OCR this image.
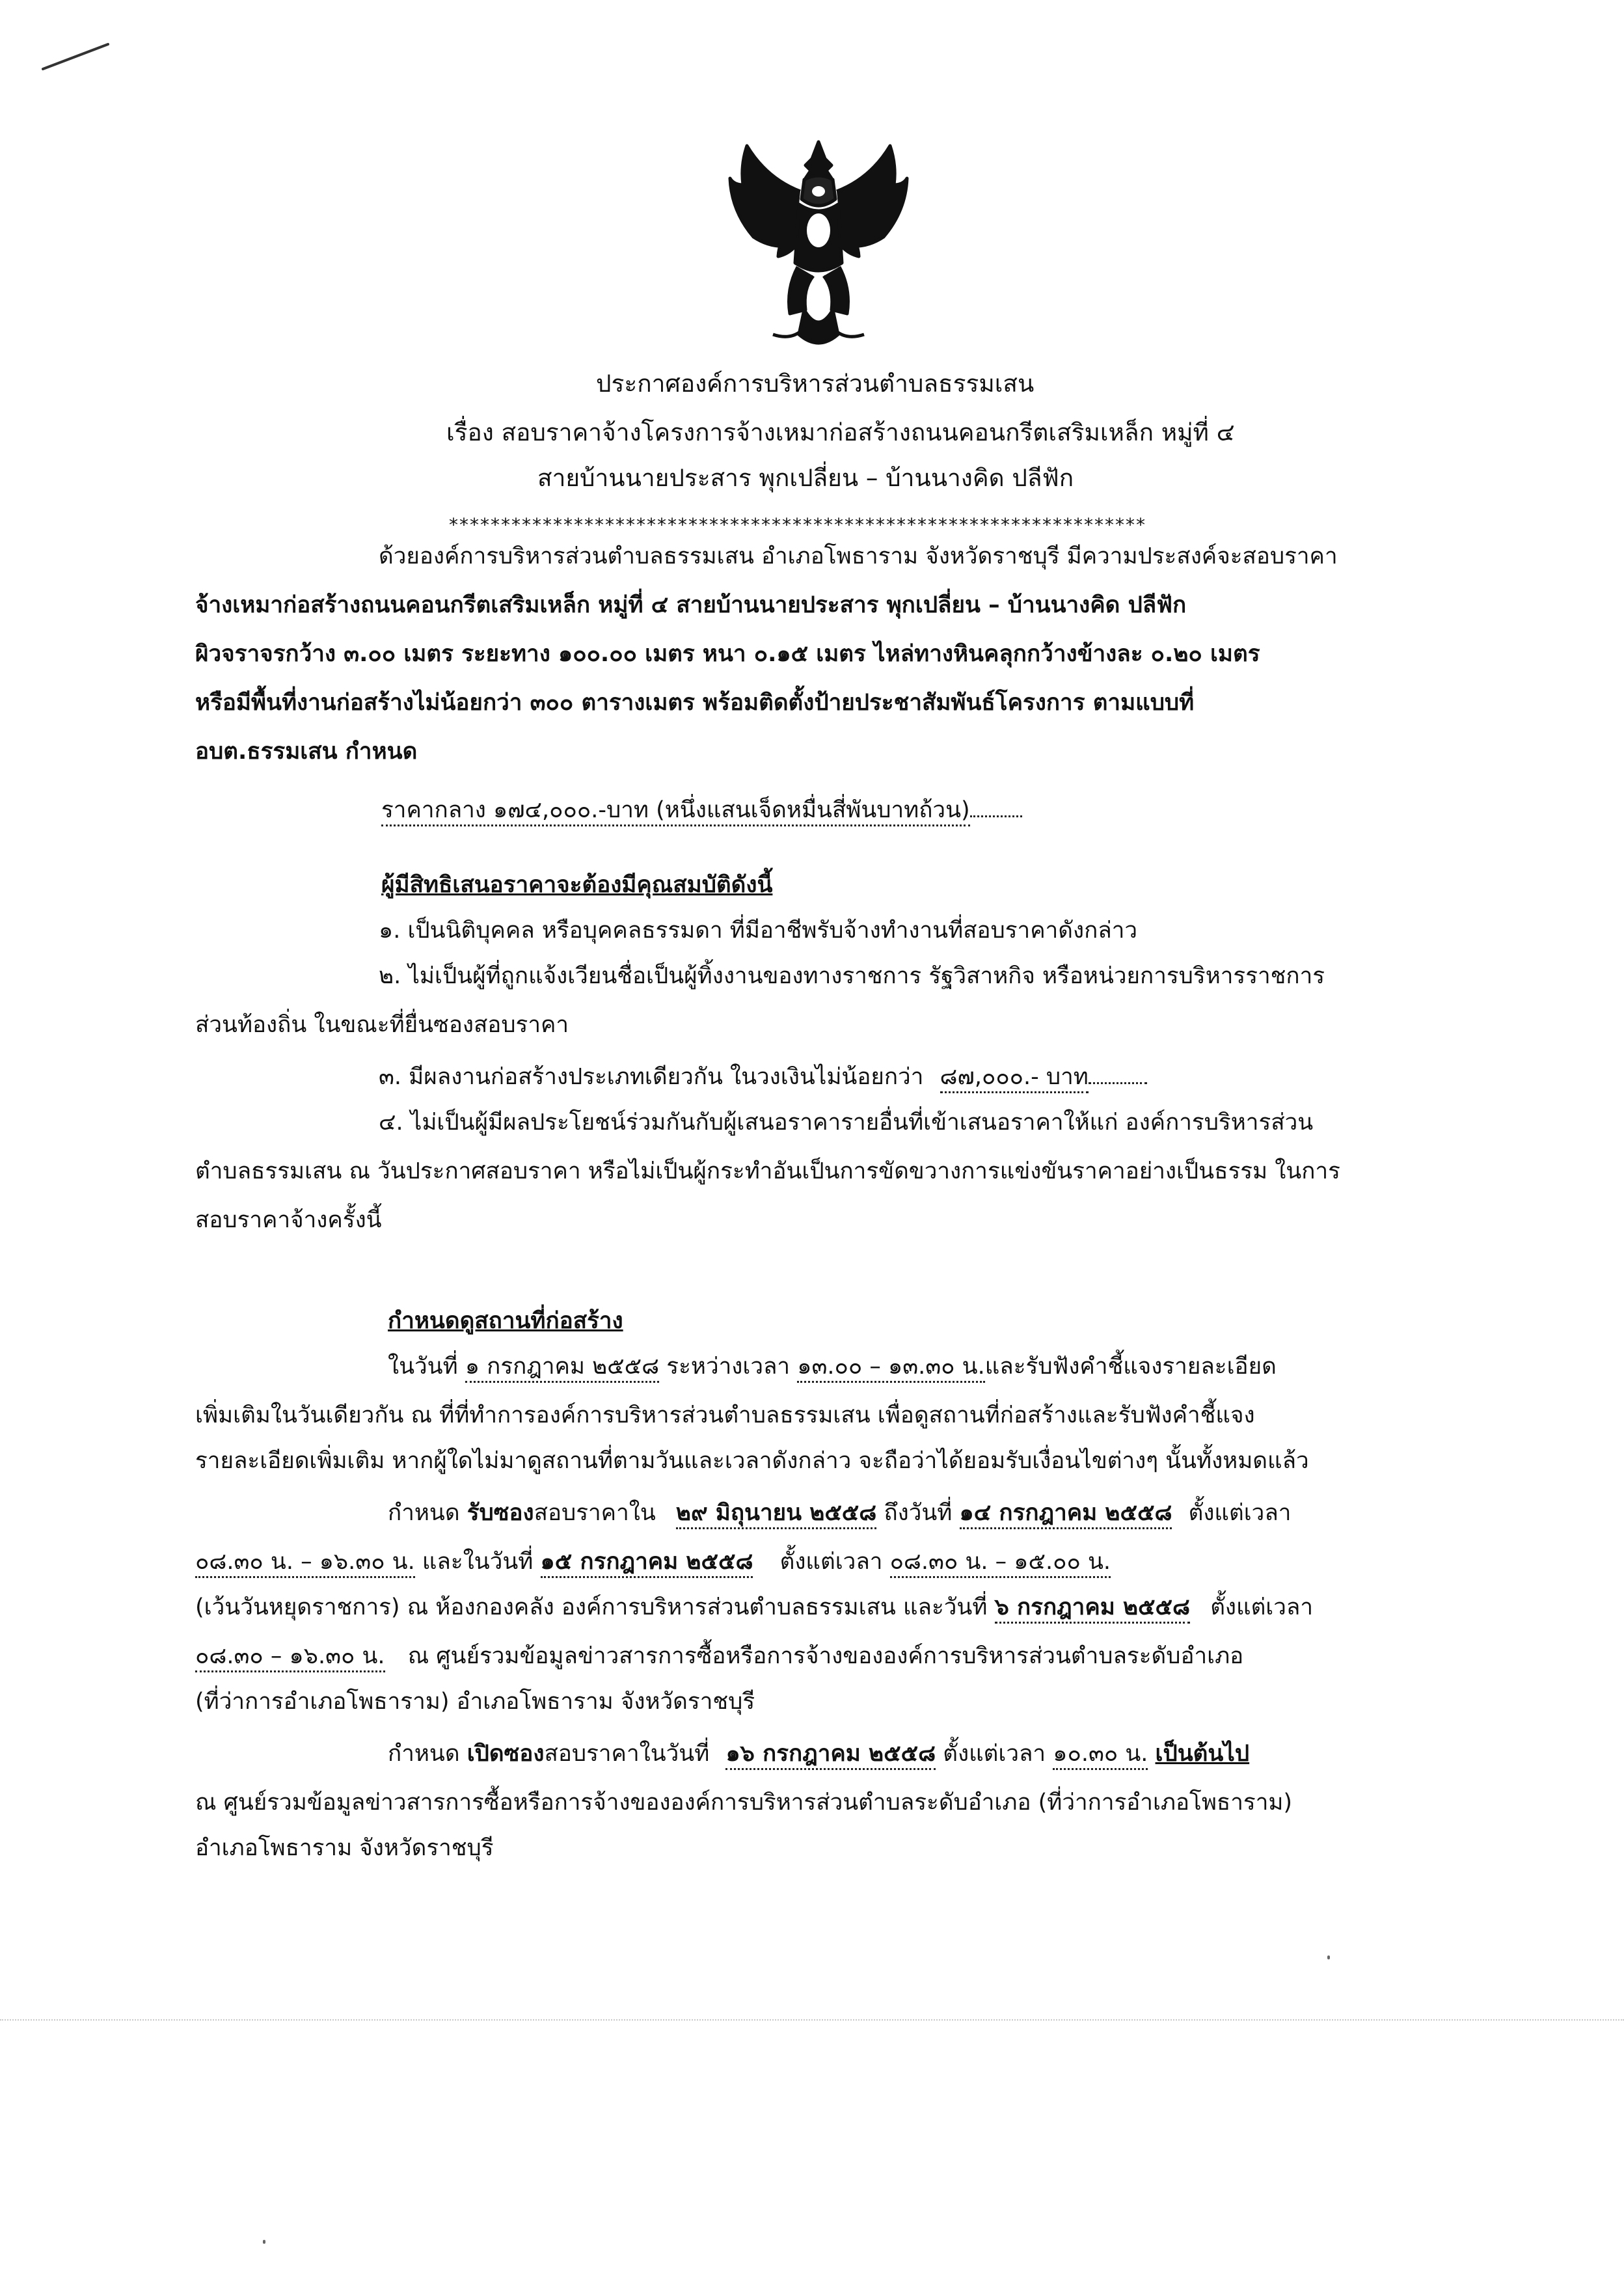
ประกาศองค์การบริหารส่วนตำบลธรรมเสน
เรื่อง สอบราคาจ้างโครงการจ้างเหมาก่อสร้างถนนคอนกรีตเสริมเหล็ก หมู่ที่ ๔
สายบ้านนายประสาร พุกเปลี่ยน – บ้านนางคิด ปลีฟัก
*******************************************************************
ด้วยองค์การบริหารส่วนตำบลธรรมเสน อำเภอโพธาราม จังหวัดราชบุรี มีความประสงค์จะสอบราคา
จ้างเหมาก่อสร้างถนนคอนกรีตเสริมเหล็ก หมู่ที่ ๔ สายบ้านนายประสาร พุกเปลี่ยน – บ้านนางคิด ปลีฟัก
ผิวจราจรกว้าง ๓.๐๐ เมตร ระยะทาง ๑๐๐.๐๐ เมตร หนา ๐.๑๕ เมตร ไหล่ทางหินคลุกกว้างข้างละ ๐.๒๐ เมตร
หรือมีพื้นที่งานก่อสร้างไม่น้อยกว่า ๓๐๐ ตารางเมตร พร้อมติดตั้งป้ายประชาสัมพันธ์โครงการ ตามแบบที่
อบต.ธรรมเสน กำหนด
ราคากลาง ๑๗๔,๐๐๐.-บาท (หนึ่งแสนเจ็ดหมื่นสี่พันบาทถ้วน)
ผู้มีสิทธิเสนอราคาจะต้องมีคุณสมบัติดังนี้
๑. เป็นนิติบุคคล หรือบุคคลธรรมดา ที่มีอาชีพรับจ้างทำงานที่สอบราคาดังกล่าว
๒. ไม่เป็นผู้ที่ถูกแจ้งเวียนชื่อเป็นผู้ทิ้งงานของทางราชการ รัฐวิสาหกิจ หรือหน่วยการบริหารราชการ
ส่วนท้องถิ่น ในขณะที่ยื่นซองสอบราคา
๓. มีผลงานก่อสร้างประเภทเดียวกัน ในวงเงินไม่น้อยกว่า ๘๗,๐๐๐.- บาท
๔. ไม่เป็นผู้มีผลประโยชน์ร่วมกันกับผู้เสนอราคารายอื่นที่เข้าเสนอราคาให้แก่ องค์การบริหารส่วน
ตำบลธรรมเสน ณ วันประกาศสอบราคา หรือไม่เป็นผู้กระทำอันเป็นการขัดขวางการแข่งขันราคาอย่างเป็นธรรม ในการ
สอบราคาจ้างครั้งนี้
กำหนดดูสถานที่ก่อสร้าง
ในวันที่ ๑ กรกฎาคม ๒๕๕๘ ระหว่างเวลา ๑๓.๐๐ – ๑๓.๓๐ น.และรับฟังคำชี้แจงรายละเอียด
เพิ่มเติมในวันเดียวกัน ณ ที่ที่ทำการองค์การบริหารส่วนตำบลธรรมเสน เพื่อดูสถานที่ก่อสร้างและรับฟังคำชี้แจง
รายละเอียดเพิ่มเติม หากผู้ใดไม่มาดูสถานที่ตามวันและเวลาดังกล่าว จะถือว่าได้ยอมรับเงื่อนไขต่างๆ นั้นทั้งหมดแล้ว
กำหนด รับซองสอบราคาใน ๒๙ มิถุนายน ๒๕๕๘ ถึงวันที่ ๑๔ กรกฎาคม ๒๕๕๘ ตั้งแต่เวลา
๐๘.๓๐ น. – ๑๖.๓๐ น. และในวันที่ ๑๕ กรกฎาคม ๒๕๕๘ ตั้งแต่เวลา ๐๘.๓๐ น. – ๑๕.๐๐ น.
(เว้นวันหยุดราชการ) ณ ห้องกองคลัง องค์การบริหารส่วนตำบลธรรมเสน และวันที่ ๖ กรกฎาคม ๒๕๕๘ ตั้งแต่เวลา
๐๘.๓๐ – ๑๖.๓๐ น. ณ ศูนย์รวมข้อมูลข่าวสารการซื้อหรือการจ้างขององค์การบริหารส่วนตำบลระดับอำเภอ
(ที่ว่าการอำเภอโพธาราม) อำเภอโพธาราม จังหวัดราชบุรี
กำหนด เปิดซองสอบราคาในวันที่ ๑๖ กรกฎาคม ๒๕๕๘ ตั้งแต่เวลา ๑๐.๓๐ น. เป็นต้นไป
ณ ศูนย์รวมข้อมูลข่าวสารการซื้อหรือการจ้างขององค์การบริหารส่วนตำบลระดับอำเภอ (ที่ว่าการอำเภอโพธาราม)
อำเภอโพธาราม จังหวัดราชบุรี
